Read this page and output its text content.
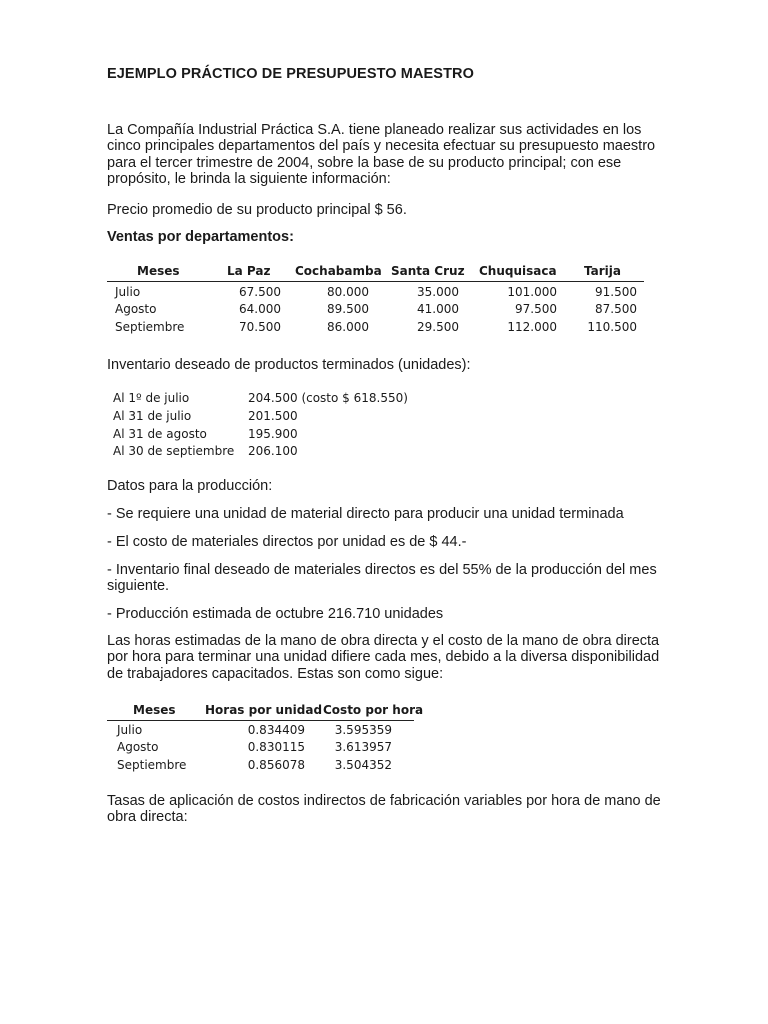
EJEMPLO PRÁCTICO DE PRESUPUESTO MAESTRO
La Compañía Industrial Práctica S.A. tiene planeado realizar sus actividades en los
cinco principales departamentos del país y necesita efectuar su presupuesto maestro
para el tercer trimestre de 2004, sobre la base de su producto principal; con ese
propósito, le brinda la siguiente información:
Precio promedio de su producto principal $ 56.
Ventas por departamentos:
Meses	La Paz Cochabamba Santa Cruz Chuquisaca Tarija
Julio	67.500	80.000	35.000	101.000	91.500
Agosto	64.000	89.500	41.000	97.500	87.500
Septiembre	70.500	86.000	29.500	112.000	110.500
Inventario deseado de productos terminados (unidades):
Al 1º de julio	204.500 (costo $ 618.550)
Al 31 de julio	201.500
Al 31 de agosto	195.900
Al 30 de septiembre 206.100
Datos para la producción:
- Se requiere una unidad de material directo para producir una unidad terminada
- El costo de materiales directos por unidad es de $ 44.-
- Inventario final deseado de materiales directos es del 55% de la producción del mes
siguiente.
- Producción estimada de octubre 216.710 unidades
Las horas estimadas de la mano de obra directa y el costo de la mano de obra directa
por hora para terminar una unidad difiere cada mes, debido a la diversa disponibilidad
de trabajadores capacitados. Estas son como sigue:
Meses Horas por unidad Costo por hora
Julio	0.834409 3.595359
Agosto	0.830115 3.613957
Septiembre	0.856078 3.504352
Tasas de aplicación de costos indirectos de fabricación variables por hora de mano de
obra directa:
